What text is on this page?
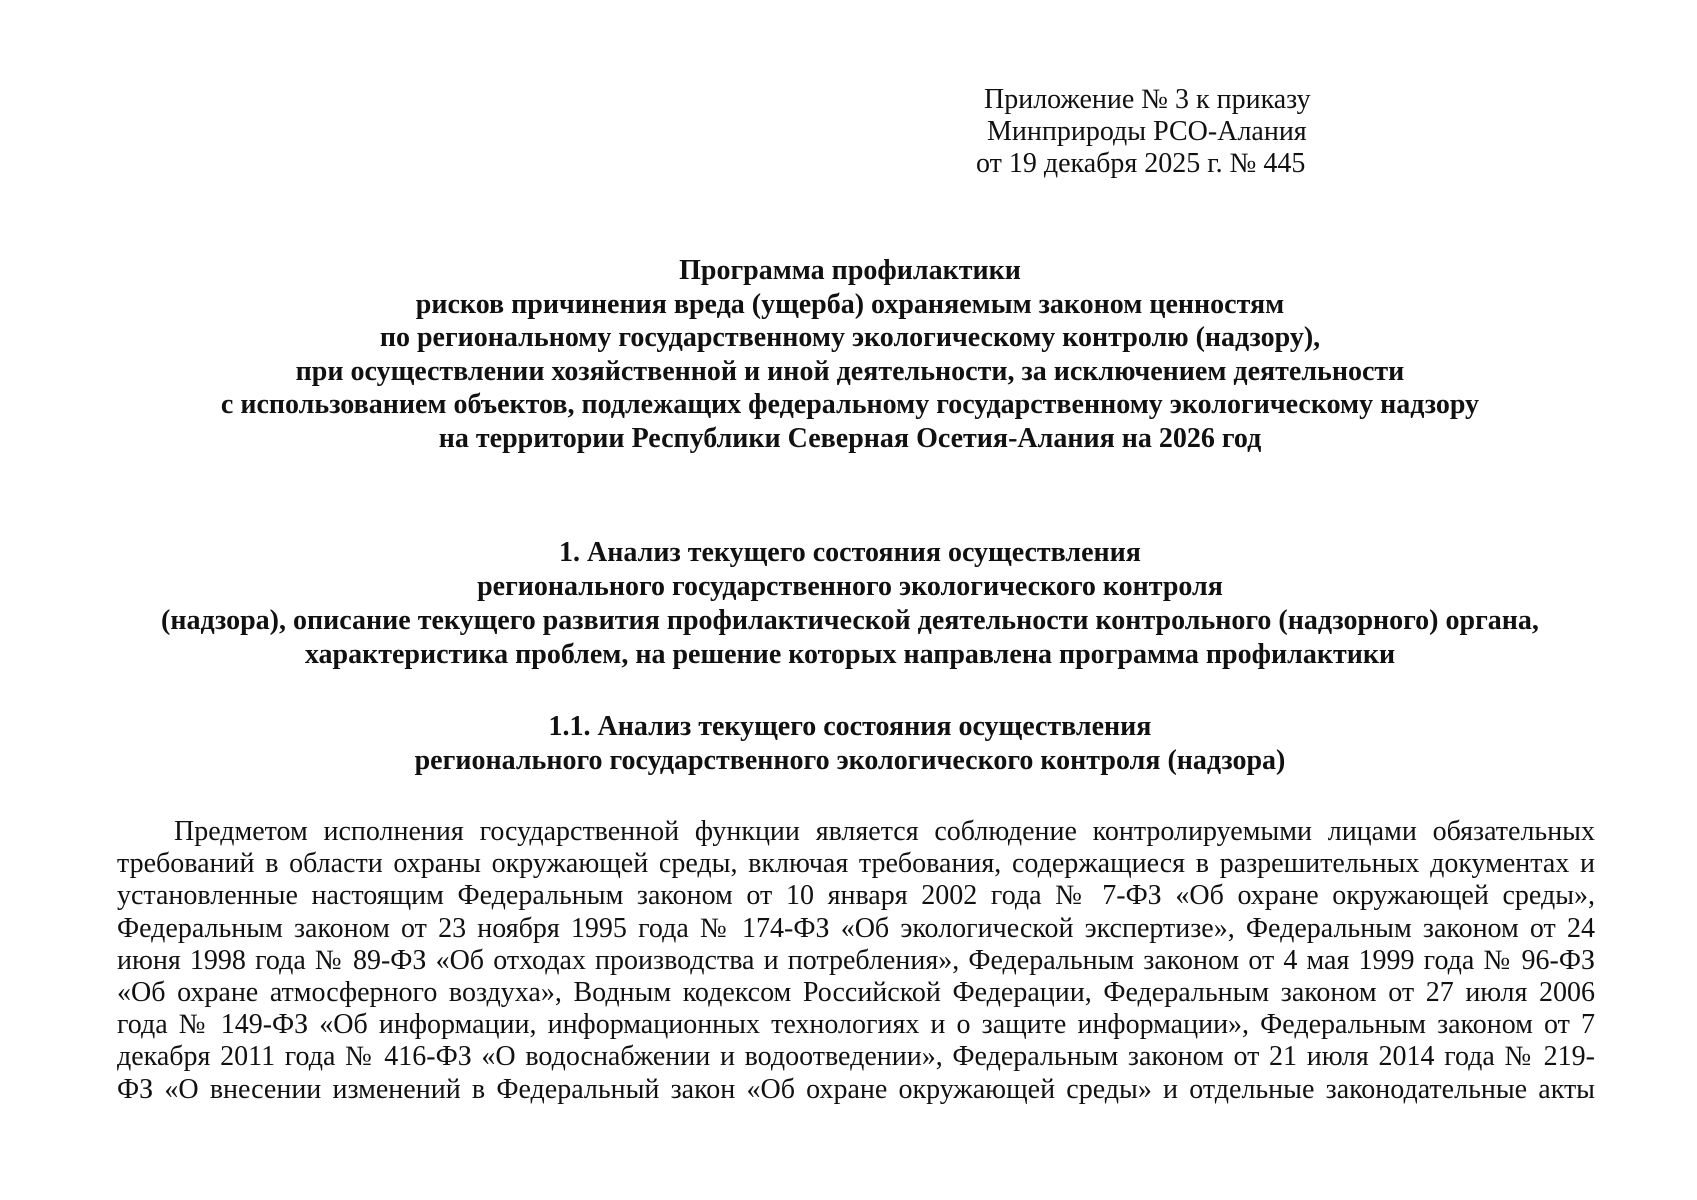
Приложение № 3 к приказу
Минприроды РСО-Алания
от 19 декабря 2025 г. № 445
Программа профилактики
рисков причинения вреда (ущерба) охраняемым законом ценностям
по региональному государственному экологическому контролю (надзору),
при осуществлении хозяйственной и иной деятельности, за исключением деятельности
с использованием объектов, подлежащих федеральному государственному экологическому надзору
на территории Республики Северная Осетия-Алания на 2026 год
1. Анализ текущего состояния осуществления
регионального государственного экологического контроля
(надзора), описание текущего развития профилактической деятельности контрольного (надзорного) органа,
характеристика проблем, на решение которых направлена программа профилактики
1.1. Анализ текущего состояния осуществления
регионального государственного экологического контроля (надзора)
Предметом исполнения государственной функции является соблюдение контролируемыми лицами обязательных
требований в области охраны окружающей среды, включая требования, содержащиеся в разрешительных документах и
установленные настоящим Федеральным законом от 10 января 2002 года № 7-ФЗ «Об охране окружающей среды»,
Федеральным законом от 23 ноября 1995 года № 174-ФЗ «Об экологической экспертизе», Федеральным законом от 24
июня 1998 года № 89-ФЗ «Об отходах производства и потребления», Федеральным законом от 4 мая 1999 года № 96-ФЗ
«Об охране атмосферного воздуха», Водным кодексом Российской Федерации, Федеральным законом от 27 июля 2006
года № 149-ФЗ «Об информации, информационных технологиях и о защите информации», Федеральным законом от 7
декабря 2011 года № 416-ФЗ «О водоснабжении и водоотведении», Федеральным законом от 21 июля 2014 года № 219-
ФЗ «О внесении изменений в Федеральный закон «Об охране окружающей среды» и отдельные законодательные акты
